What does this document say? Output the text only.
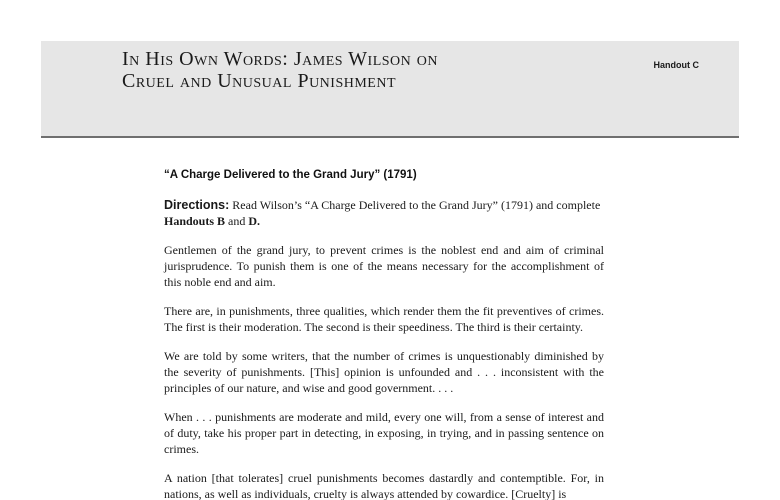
Handout C
In His Own Words: James Wilson on
Cruel and Unusual Punishment

“A Charge Delivered to the Grand Jury” (1791)

Directions: Read Wilson’s “A Charge Delivered to the Grand Jury” (1791) and complete Handouts B and D.

Gentlemen of the grand jury, to prevent crimes is the noblest end and aim of criminal jurisprudence. To punish them is one of the means necessary for the accomplishment of this noble end and aim.

There are, in punishments, three qualities, which render them the fit preventives of crimes. The first is their moderation. The second is their speediness. The third is their certainty.

We are told by some writers, that the number of crimes is unquestionably diminished by the severity of punishments. [This] opinion is unfounded and . . . inconsistent with the principles of our nature, and wise and good government. . . .

When . . . punishments are moderate and mild, every one will, from a sense of interest and of duty, take his proper part in detecting, in exposing, in trying, and in passing sentence on crimes.

A nation [that tolerates] cruel punishments becomes dastardly and contemptible. For, in nations, as well as individuals, cruelty is always attended by cowardice. [Cruelty] is
